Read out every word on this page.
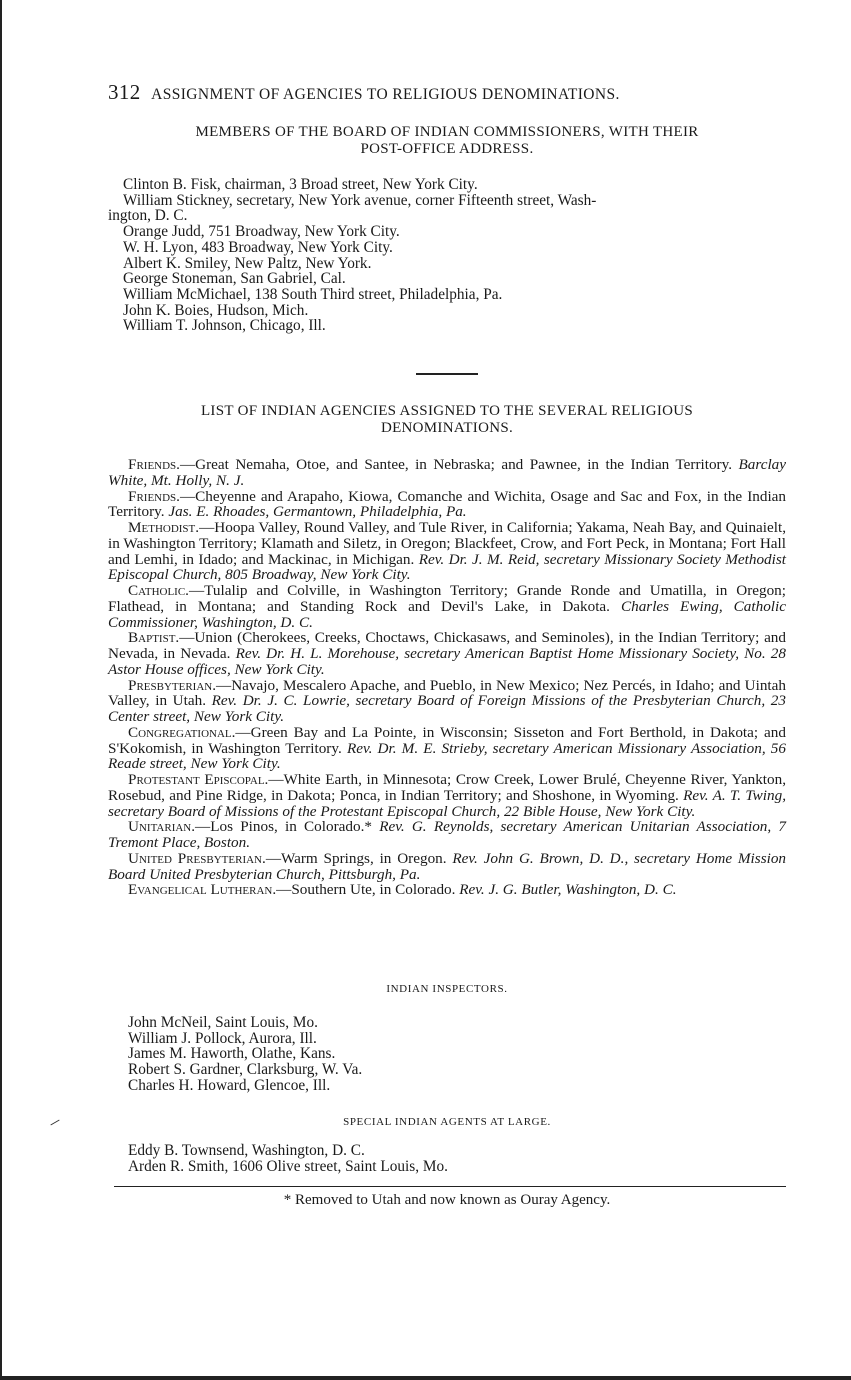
312 ASSIGNMENT OF AGENCIES TO RELIGIOUS DENOMINATIONS.
MEMBERS OF THE BOARD OF INDIAN COMMISSIONERS, WITH THEIR
POST-OFFICE ADDRESS.
Clinton B. Fisk, chairman, 3 Broad street, New York City.
William Stickney, secretary, New York avenue, corner Fifteenth street, Wash-
ington, D. C.
Orange Judd, 751 Broadway, New York City.
W. H. Lyon, 483 Broadway, New York City.
Albert K. Smiley, New Paltz, New York.
George Stoneman, San Gabriel, Cal.
William McMichael, 138 South Third street, Philadelphia, Pa.
John K. Boies, Hudson, Mich.
William T. Johnson, Chicago, Ill.
LIST OF INDIAN AGENCIES ASSIGNED TO THE SEVERAL RELIGIOUS
DENOMINATIONS.

Friends.—Great Nemaha, Otoe, and Santee, in Nebraska; and Pawnee, in the Indian Territory. Barclay White, Mt. Holly, N. J.

Friends.—Cheyenne and Arapaho, Kiowa, Comanche and Wichita, Osage and Sac and Fox, in the Indian Territory. Jas. E. Rhoades, Germantown, Philadelphia, Pa.

Methodist.—Hoopa Valley, Round Valley, and Tule River, in California; Yakama, Neah Bay, and Quinaielt, in Washington Territory; Klamath and Siletz, in Oregon; Blackfeet, Crow, and Fort Peck, in Montana; Fort Hall and Lemhi, in Idado; and Mackinac, in Michigan. Rev. Dr. J. M. Reid, secretary Missionary Society Methodist Episcopal Church, 805 Broadway, New York City.

Catholic.—Tulalip and Colville, in Washington Territory; Grande Ronde and Umatilla, in Oregon; Flathead, in Montana; and Standing Rock and Devil's Lake, in Dakota. Charles Ewing, Catholic Commissioner, Washington, D. C.

Baptist.—Union (Cherokees, Creeks, Choctaws, Chickasaws, and Seminoles), in the Indian Territory; and Nevada, in Nevada. Rev. Dr. H. L. Morehouse, secretary American Baptist Home Missionary Society, No. 28 Astor House offices, New York City.

Presbyterian.—Navajo, Mescalero Apache, and Pueblo, in New Mexico; Nez Percés, in Idaho; and Uintah Valley, in Utah. Rev. Dr. J. C. Lowrie, secretary Board of Foreign Missions of the Presbyterian Church, 23 Center street, New York City.

Congregational.—Green Bay and La Pointe, in Wisconsin; Sisseton and Fort Berthold, in Dakota; and S'Kokomish, in Washington Territory. Rev. Dr. M. E. Strieby, secretary American Missionary Association, 56 Reade street, New York City.

Protestant Episcopal.—White Earth, in Minnesota; Crow Creek, Lower Brulé, Cheyenne River, Yankton, Rosebud, and Pine Ridge, in Dakota; Ponca, in Indian Territory; and Shoshone, in Wyoming. Rev. A. T. Twing, secretary Board of Missions of the Protestant Episcopal Church, 22 Bible House, New York City.

Unitarian.—Los Pinos, in Colorado.* Rev. G. Reynolds, secretary American Unitarian Association, 7 Tremont Place, Boston.

United Presbyterian.—Warm Springs, in Oregon. Rev. John G. Brown, D. D., secretary Home Mission Board United Presbyterian Church, Pittsburgh, Pa.

Evangelical Lutheran.—Southern Ute, in Colorado. Rev. J. G. Butler, Washington, D. C.

INDIAN INSPECTORS.
John McNeil, Saint Louis, Mo.
William J. Pollock, Aurora, Ill.
James M. Haworth, Olathe, Kans.
Robert S. Gardner, Clarksburg, W. Va.
Charles H. Howard, Glencoe, Ill.
SPECIAL INDIAN AGENTS AT LARGE.
Eddy B. Townsend, Washington, D. C.
Arden R. Smith, 1606 Olive street, Saint Louis, Mo.
* Removed to Utah and now known as Ouray Agency.
